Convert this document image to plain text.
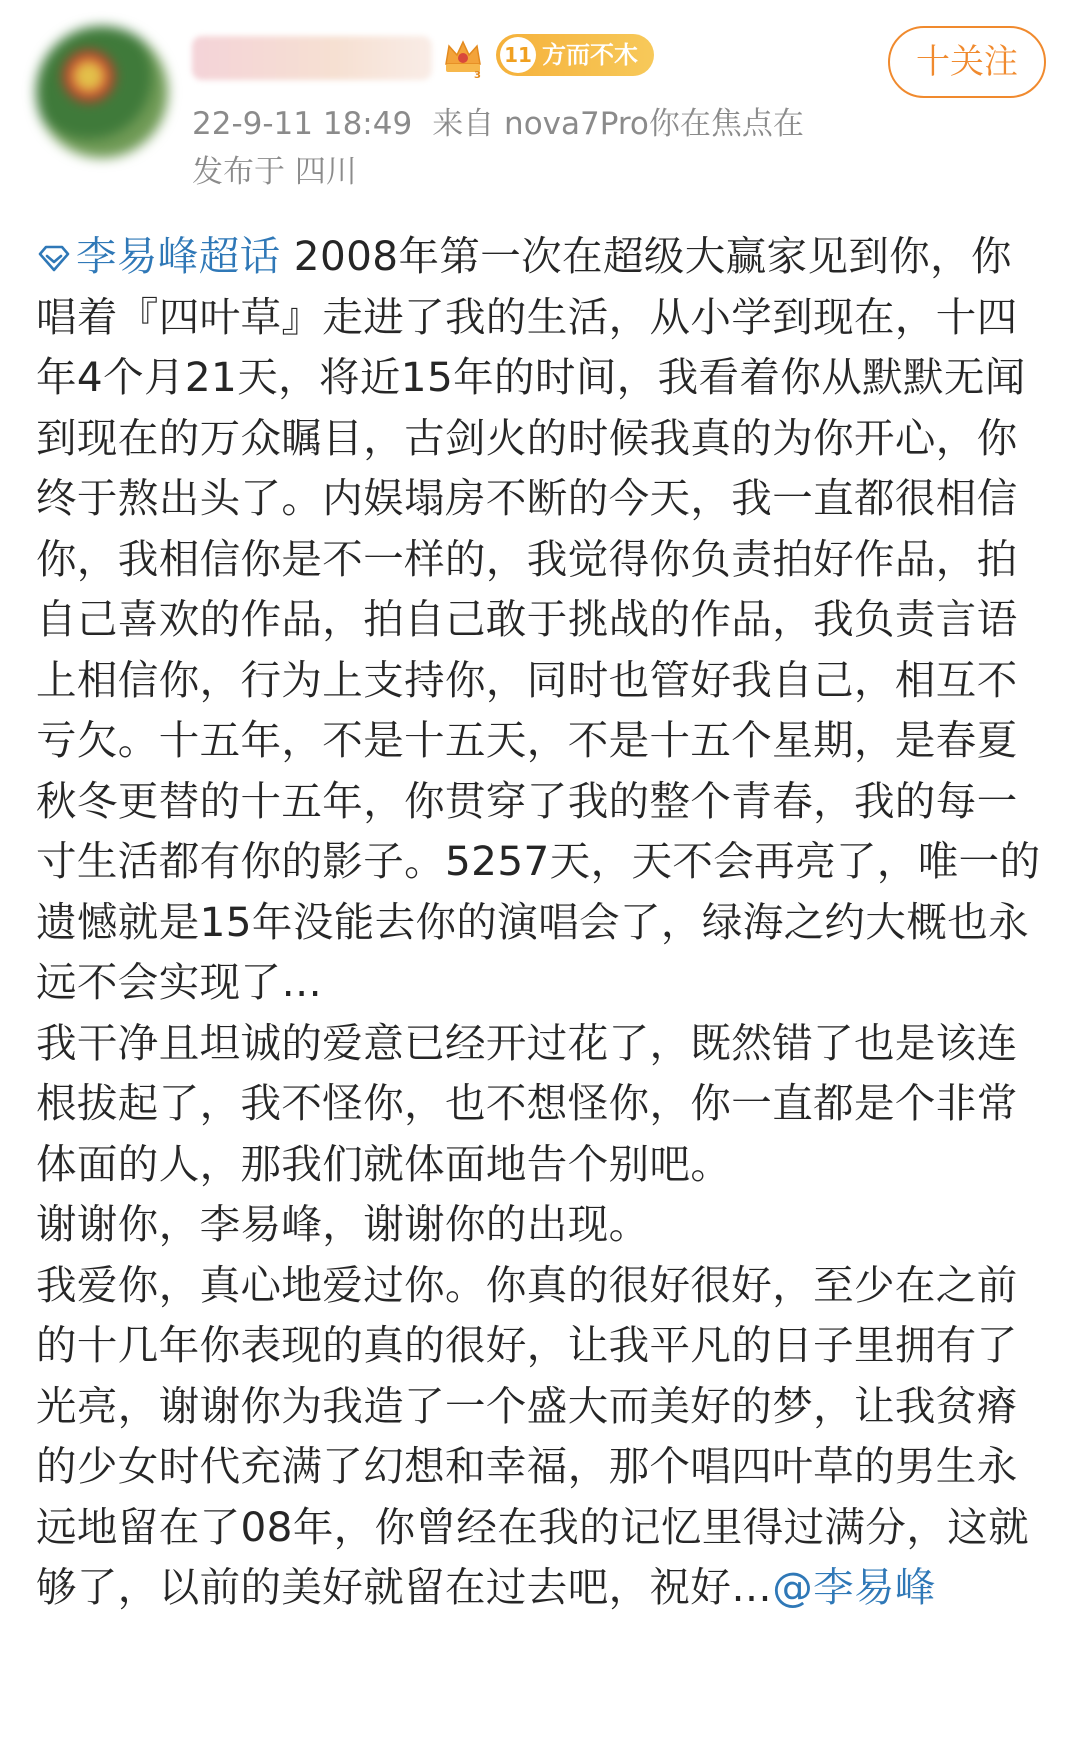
3
11 方而不木	十关注
22-9-11 18:49 来自 nova7Pro你在焦点在
发布于 四川
李易峰超话 2008年第一次在超级大赢家见到你，你唱着『四叶草』走进了我的生活，从小学到现在，十四年4个月21天，将近15年的时间，我看着你从默默无闻到现在的万众瞩目，古剑火的时候我真的为你开心，你终于熬出头了。内娱塌房不断的今天，我一直都很相信你，我相信你是不一样的，我觉得你负责拍好作品，拍自己喜欢的作品，拍自己敢于挑战的作品，我负责言语上相信你，行为上支持你，同时也管好我自己，相互不亏欠。十五年，不是十五天，不是十五个星期，是春夏秋冬更替的十五年，你贯穿了我的整个青春，我的每一寸生活都有你的影子。5257天，天不会再亮了，唯一的遗憾就是15年没能去你的演唱会了，绿海之约大概也永远不会实现了…
我干净且坦诚的爱意已经开过花了，既然错了也是该连根拔起了，我不怪你，也不想怪你，你一直都是个非常体面的人，那我们就体面地告个别吧。
谢谢你，李易峰，谢谢你的出现。
我爱你，真心地爱过你。你真的很好很好，至少在之前的十几年你表现的真的很好，让我平凡的日子里拥有了光亮，谢谢你为我造了一个盛大而美好的梦，让我贫瘠的少女时代充满了幻想和幸福，那个唱四叶草的男生永远地留在了08年，你曾经在我的记忆里得过满分，这就够了，以前的美好就留在过去吧，祝好…@李易峰
